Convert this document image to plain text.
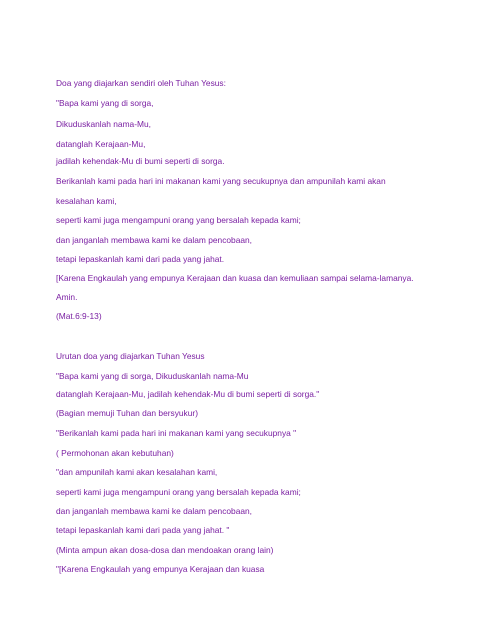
Doa yang diajarkan sendiri oleh Tuhan Yesus:
"Bapa kami yang di sorga,
Dikuduskanlah nama-Mu,
datanglah Kerajaan-Mu,
jadilah kehendak-Mu di bumi seperti di sorga.
Berikanlah kami pada hari ini makanan kami yang secukupnya dan ampunilah kami akan
kesalahan kami,
seperti kami juga mengampuni orang yang bersalah kepada kami;
dan janganlah membawa kami ke dalam pencobaan,
tetapi lepaskanlah kami dari pada yang jahat.
[Karena Engkaulah yang empunya Kerajaan dan kuasa dan kemuliaan sampai selama-lamanya.
Amin.
(Mat.6:9-13)
Urutan doa yang diajarkan Tuhan Yesus
"Bapa kami yang di sorga, Dikuduskanlah nama-Mu
datanglah Kerajaan-Mu, jadilah kehendak-Mu di bumi seperti di sorga."
(Bagian memuji Tuhan dan bersyukur)
"Berikanlah kami pada hari ini makanan kami yang secukupnya "
( Permohonan akan kebutuhan)
"dan ampunilah kami akan kesalahan kami,
seperti kami juga mengampuni orang yang bersalah kepada kami;
dan janganlah membawa kami ke dalam pencobaan,
tetapi lepaskanlah kami dari pada yang jahat. "
(Minta ampun akan dosa-dosa dan mendoakan orang lain)
"[Karena Engkaulah yang empunya Kerajaan dan kuasa
